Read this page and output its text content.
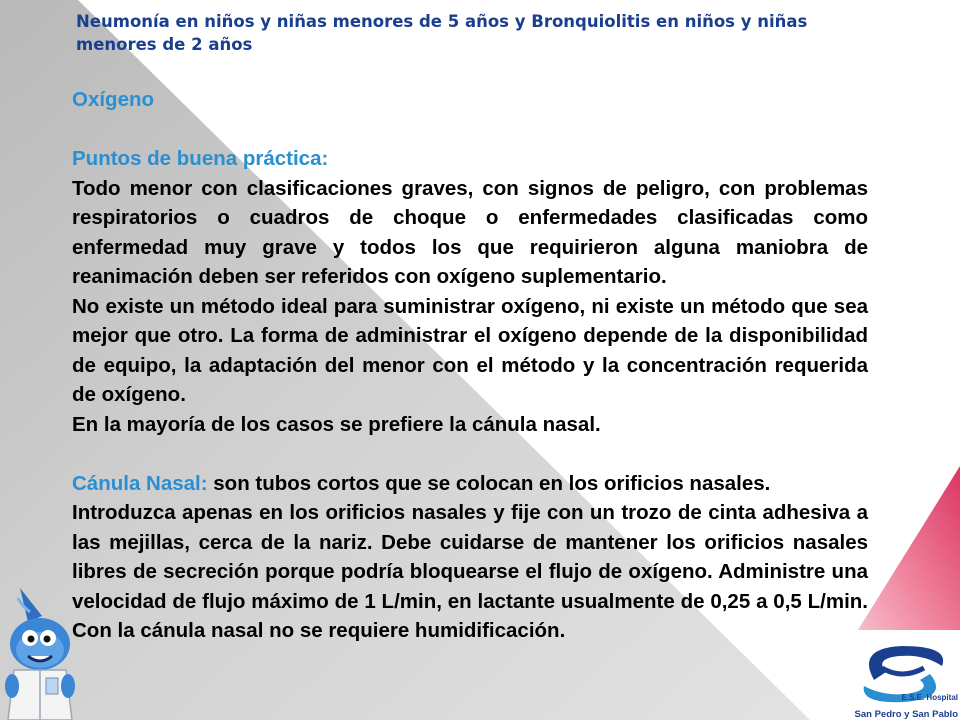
Neumonía en niños y niñas menores de 5 años y Bronquiolitis en niños y niñas menores de 2 años

Oxígeno

Puntos de buena práctica:

Todo menor con clasificaciones graves, con signos de peligro, con problemas respiratorios o cuadros de choque o enfermedades clasificadas como enfermedad muy grave y todos los que requirieron alguna maniobra de reanimación deben ser referidos con oxígeno suplementario.

No existe un método ideal para suministrar oxígeno, ni existe un método que sea mejor que otro. La forma de administrar el oxígeno depende de la disponibilidad de equipo, la adaptación del menor con el método y la concentración requerida de oxígeno.

En la mayoría de los casos se prefiere la cánula nasal.

Cánula Nasal: son tubos cortos que se colocan en los orificios nasales.

Introduzca apenas en los orificios nasales y fije con un trozo de cinta adhesiva a las mejillas, cerca de la nariz. Debe cuidarse de mantener los orificios nasales libres de secreción porque podría bloquearse el flujo de oxígeno. Administre una velocidad de flujo máximo de 1 L/min, en lactante usualmente de 0,25 a 0,5 L/min. Con la cánula nasal no se requiere humidificación.

E.S.E. Hospital
San Pedro y San Pablo
